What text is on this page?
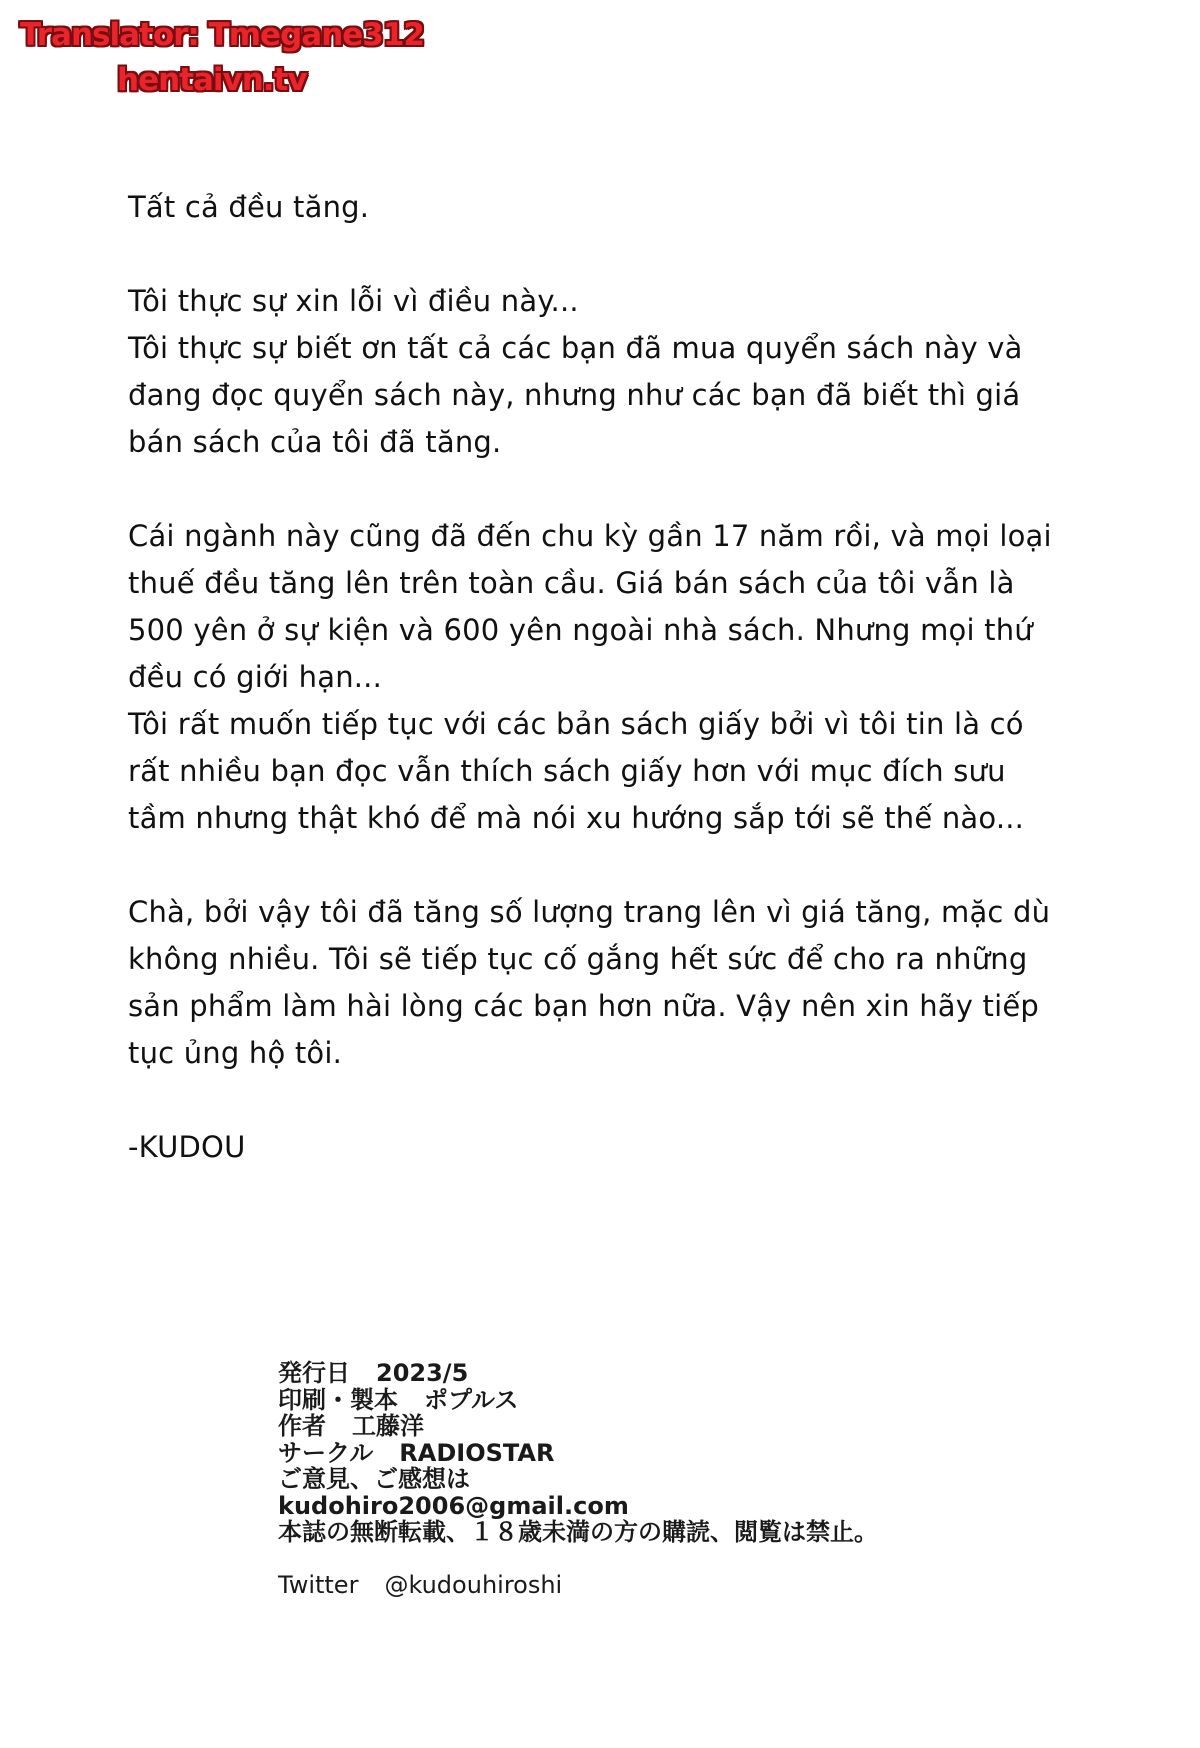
Translator: Tmegane312
hentaivn.tv

Tất cả đều tăng.

Tôi thực sự xin lỗi vì điều này...

Tôi thực sự biết ơn tất cả các bạn đã mua quyển sách này và
đang đọc quyển sách này, nhưng như các bạn đã biết thì giá
bán sách của tôi đã tăng.

Cái ngành này cũng đã đến chu kỳ gần 17 năm rồi, và mọi loại
thuế đều tăng lên trên toàn cầu. Giá bán sách của tôi vẫn là
500 yên ở sự kiện và 600 yên ngoài nhà sách. Nhưng mọi thứ
đều có giới hạn...

Tôi rất muốn tiếp tục với các bản sách giấy bởi vì tôi tin là có
rất nhiều bạn đọc vẫn thích sách giấy hơn với mục đích sưu
tầm nhưng thật khó để mà nói xu hướng sắp tới sẽ thế nào...

Chà, bởi vậy tôi đã tăng số lượng trang lên vì giá tăng, mặc dù
không nhiều. Tôi sẽ tiếp tục cố gắng hết sức để cho ra những
sản phẩm làm hài lòng các bạn hơn nữa. Vậy nên xin hãy tiếp
tục ủng hộ tôi.

-KUDOU

発行日 2023/5
印刷・製本 ポプルス
作者 工藤洋
サークル RADIOSTAR
ご意見、ご感想は
kudohiro2006@gmail.com
本誌の無断転載、１８歳未満の方の購読、閲覧は禁止。
Twitter @kudouhiroshi
